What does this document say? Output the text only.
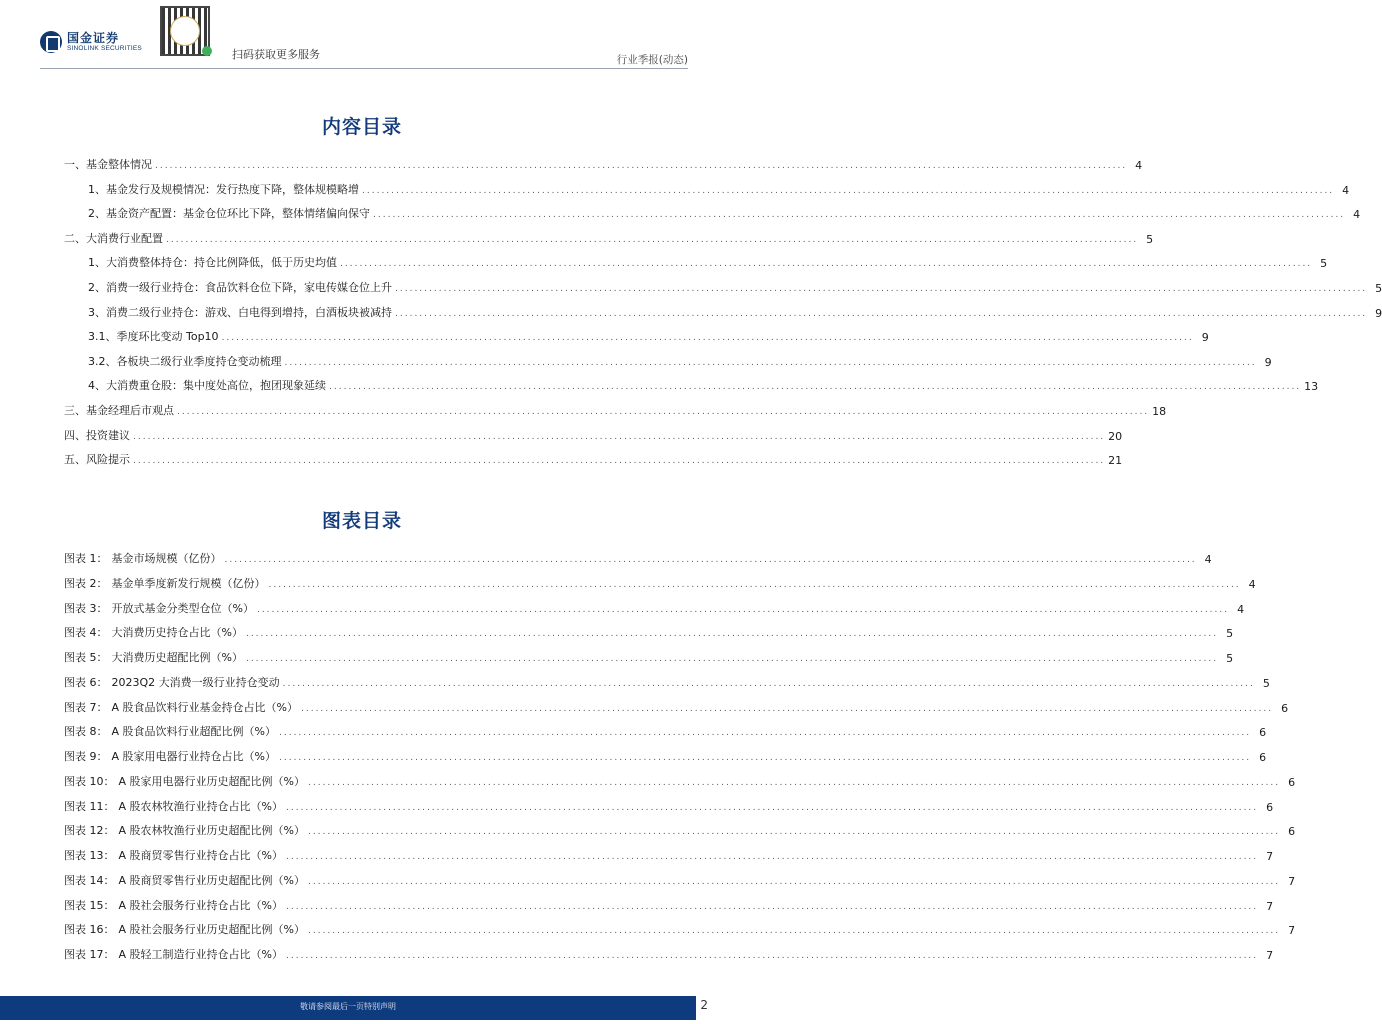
国金证券
SINOLINK SECURITIES	扫码获取更多服务	行业季报(动态)
内容目录
一、基金整体情况 ........................................................................................................................................................................................................ 4
1、基金发行及规模情况：发行热度下降，整体规模略增 ........................................................................................................................................................................................................ 4
2、基金资产配置：基金仓位环比下降，整体情绪偏向保守 ........................................................................................................................................................................................................ 4
二、大消费行业配置 ........................................................................................................................................................................................................ 5
1、大消费整体持仓：持仓比例降低，低于历史均值 ........................................................................................................................................................................................................ 5
2、消费一级行业持仓：食品饮料仓位下降，家电传媒仓位上升 ........................................................................................................................................................................................................ 5
3、消费二级行业持仓：游戏、白电得到增持，白酒板块被减持 ........................................................................................................................................................................................................ 9
3.1、季度环比变动 Top10 ........................................................................................................................................................................................................ 9
3.2、各板块二级行业季度持仓变动梳理 ........................................................................................................................................................................................................ 9
4、大消费重仓股：集中度处高位，抱团现象延续 ........................................................................................................................................................................................................ 13
三、基金经理后市观点 ........................................................................................................................................................................................................ 18
四、投资建议 ........................................................................................................................................................................................................ 20
五、风险提示 ........................................................................................................................................................................................................ 21
图表目录
图表 1： 基金市场规模（亿份） ........................................................................................................................................................................................................ 4
图表 2： 基金单季度新发行规模（亿份） ........................................................................................................................................................................................................ 4
图表 3： 开放式基金分类型仓位（%） ........................................................................................................................................................................................................ 4
图表 4： 大消费历史持仓占比（%） ........................................................................................................................................................................................................ 5
图表 5： 大消费历史超配比例（%） ........................................................................................................................................................................................................ 5
图表 6： 2023Q2 大消费一级行业持仓变动 ........................................................................................................................................................................................................ 5
图表 7： A 股食品饮料行业基金持仓占比（%） ........................................................................................................................................................................................................ 6
图表 8： A 股食品饮料行业超配比例（%） ........................................................................................................................................................................................................ 6
图表 9： A 股家用电器行业持仓占比（%） ........................................................................................................................................................................................................ 6
图表 10： A 股家用电器行业历史超配比例（%） ........................................................................................................................................................................................................ 6
图表 11： A 股农林牧渔行业持仓占比（%） ........................................................................................................................................................................................................ 6
图表 12： A 股农林牧渔行业历史超配比例（%） ........................................................................................................................................................................................................ 6
图表 13： A 股商贸零售行业持仓占比（%） ........................................................................................................................................................................................................ 7
图表 14： A 股商贸零售行业历史超配比例（%） ........................................................................................................................................................................................................ 7
图表 15： A 股社会服务行业持仓占比（%） ........................................................................................................................................................................................................ 7
图表 16： A 股社会服务行业历史超配比例（%） ........................................................................................................................................................................................................ 7
图表 17： A 股轻工制造行业持仓占比（%） ........................................................................................................................................................................................................ 7
敬请参阅最后一页特别声明	2
